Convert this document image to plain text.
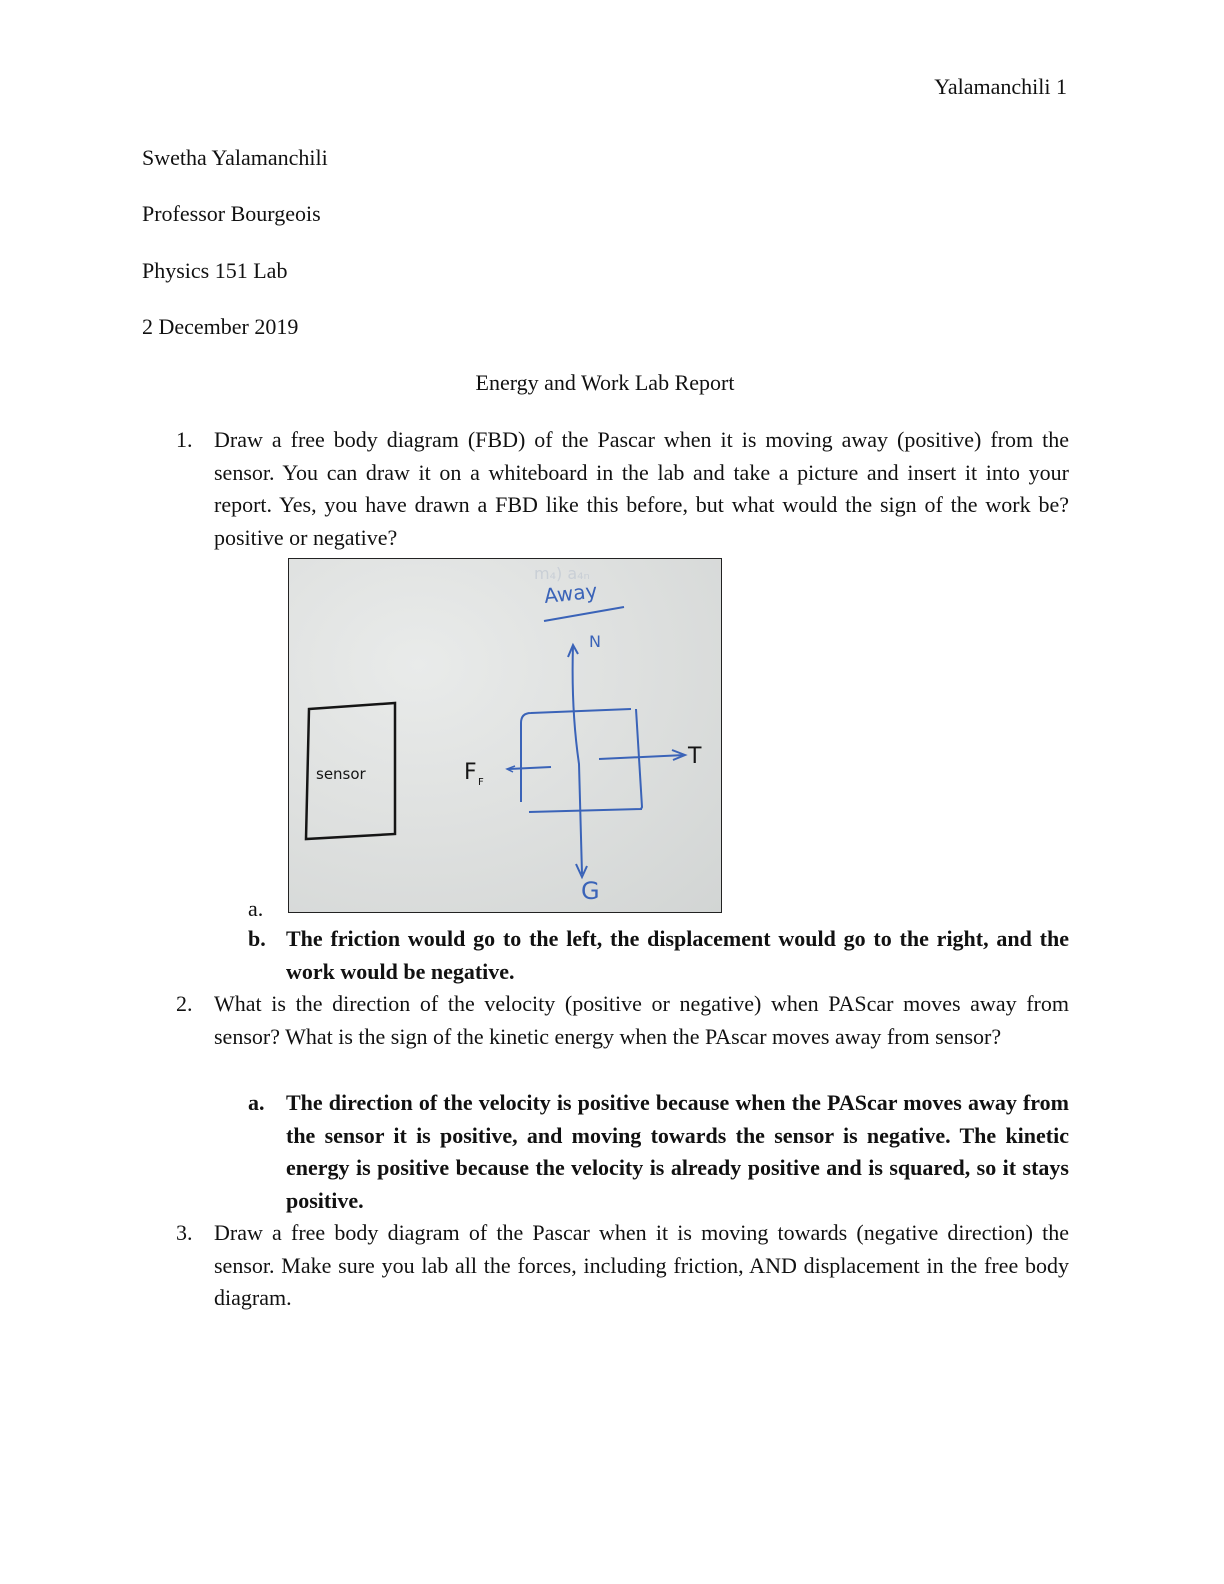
Yalamanchili 1
Swetha Yalamanchili
Professor Bourgeois
Physics 151 Lab
2 December 2019
Energy and Work Lab Report
1. Draw a free body diagram (FBD) of the Pascar when it is moving away (positive) from the sensor. You can draw it on a whiteboard in the lab and take a picture and insert it into your report. Yes, you have drawn a FBD like this before, but what would the sign of the work be? positive or negative?
m₄) a₄ₙ
Away
sensor	F F
N
G
T
a.
b. The friction would go to the left, the displacement would go to the right, and the work would be negative.
2. What is the direction of the velocity (positive or negative) when PAScar moves away from sensor? What is the sign of the kinetic energy when the PAscar moves away from sensor?
a. The direction of the velocity is positive because when the PAScar moves away from the sensor it is positive, and moving towards the sensor is negative. The kinetic energy is positive because the velocity is already positive and is squared, so it stays positive.
3. Draw a free body diagram of the Pascar when it is moving towards (negative direction) the sensor. Make sure you lab all the forces, including friction, AND displacement in the free body diagram.
